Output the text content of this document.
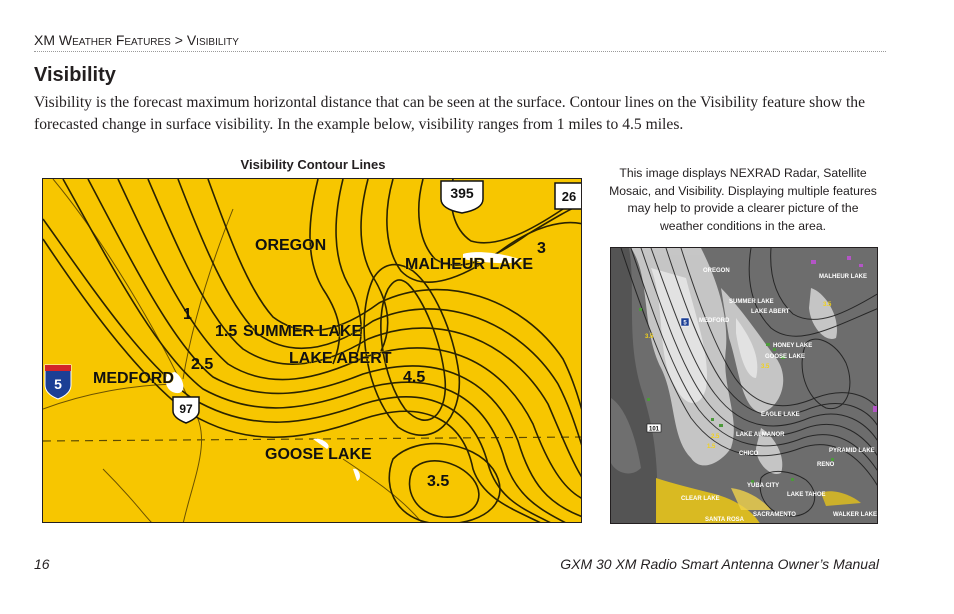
XM Weather Features > Visibility
Visibility

Visibility is the forecast maximum horizontal distance that can be seen at the surface. Contour lines on the Visibility feature show the forecasted change in surface visibility. In the example below, visibility ranges from 1 miles to 4.5 miles.

Visibility Contour Lines
OREGON
MALHEUR LAKE
SUMMER LAKE
LAKE ABERT
MEDFORD
GOOSE LAKE
1
1.5
2.5
4.5
3.5
3
395	26
5
97
This image displays NEXRAD Radar, Satellite Mosaic, and Visibility. Displaying multiple features may help to provide a clearer picture of the weather conditions in the area.
OREGON
MALHEUR LAKE
SUMMER LAKE
LAKE ABERT
MEDFORD
HONEY LAKE
GOOSE LAKE
EAGLE LAKE
LAKE ALMANOR
CHICO	PYRAMID LAKE
RENO
YUBA CITY
CLEAR LAKE
LAKE TAHOE
SACRAMENTO	WALKER LAKE
SANTA ROSA
3.5
3.5
3.5
2.5
1.5
101
5
16	GXM 30 XM Radio Smart Antenna Owner’s Manual
